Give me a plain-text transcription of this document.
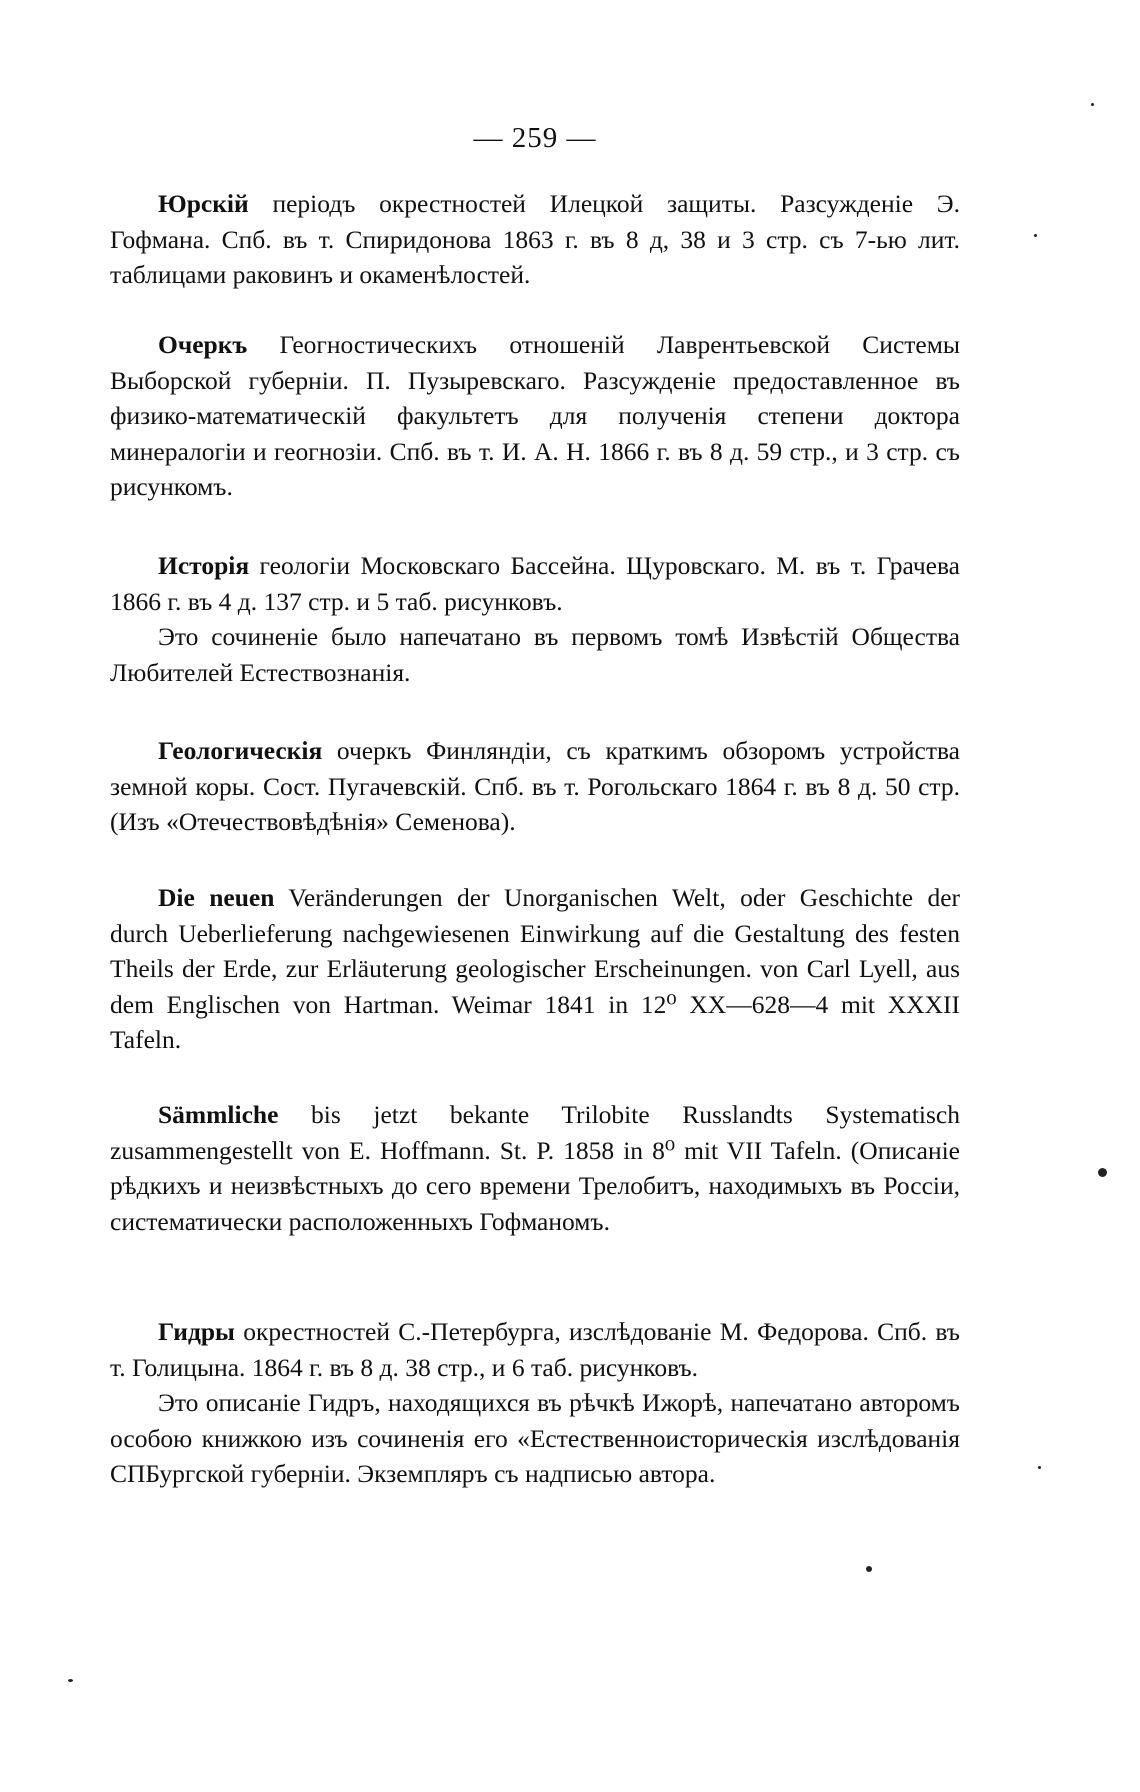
— 259 —

Юрскій періодъ окрестностей Илецкой защиты. Разсужденіе Э. Гофмана. Спб. въ т. Спиридонова 1863 г. въ 8 д, 38 и 3 стр. съ 7-ью лит. таблицами раковинъ и окаменѣлостей.

Очеркъ Геогностическихъ отношеній Лаврентьевской Системы Выборской губерніи. П. Пузыревскаго. Разсужденіе предоставленное въ физико-математическій факультетъ для полученія степени доктора минералогіи и геогнозіи. Спб. въ т. И. А. Н. 1866 г. въ 8 д. 59 стр., и 3 стр. съ рисункомъ.

Исторія геологіи Московскаго Бассейна. Щуровскаго. М. въ т. Грачева 1866 г. въ 4 д. 137 стр. и 5 таб. рисунковъ.

Это сочиненіе было напечатано въ первомъ томѣ Извѣстій Общества Любителей Естествознанія.

Геологическія очеркъ Финляндіи, съ краткимъ обзоромъ устройства земной коры. Сост. Пугачевскій. Спб. въ т. Рогольскаго 1864 г. въ 8 д. 50 стр. (Изъ «Отечествовѣдѣнія» Семенова).

Die neuen Veränderungen der Unorganischen Welt, oder Geschichte der durch Ueberlieferung nachgewiesenen Einwirkung auf die Gestaltung des festen Theils der Erde, zur Erläuterung geologischer Erscheinungen. von Carl Lyell, aus dem Englischen von Hartman. Weimar 1841 in 12⁰ XX—628—4 mit XXXII Tafeln.

Sämmliche bis jetzt bekante Trilobite Russlandts Systematisch zusammengestellt von E. Hoffmann. St. P. 1858 in 8⁰ mit VII Tafeln. (Описаніе рѣдкихъ и неизвѣстныхъ до сего времени Трелобитъ, находимыхъ въ Россіи, систематически расположенныхъ Гофманомъ.

Гидры окрестностей С.-Петербурга, изслѣдованіе М. Федорова. Спб. въ т. Голицына. 1864 г. въ 8 д. 38 стр., и 6 таб. рисунковъ.

Это описаніе Гидръ, находящихся въ рѣчкѣ Ижорѣ, напечатано авторомъ особою книжкою изъ сочиненія его «Естественноисторическія изслѣдованія СПБургской губерніи. Экземпляръ съ надписью автора.
